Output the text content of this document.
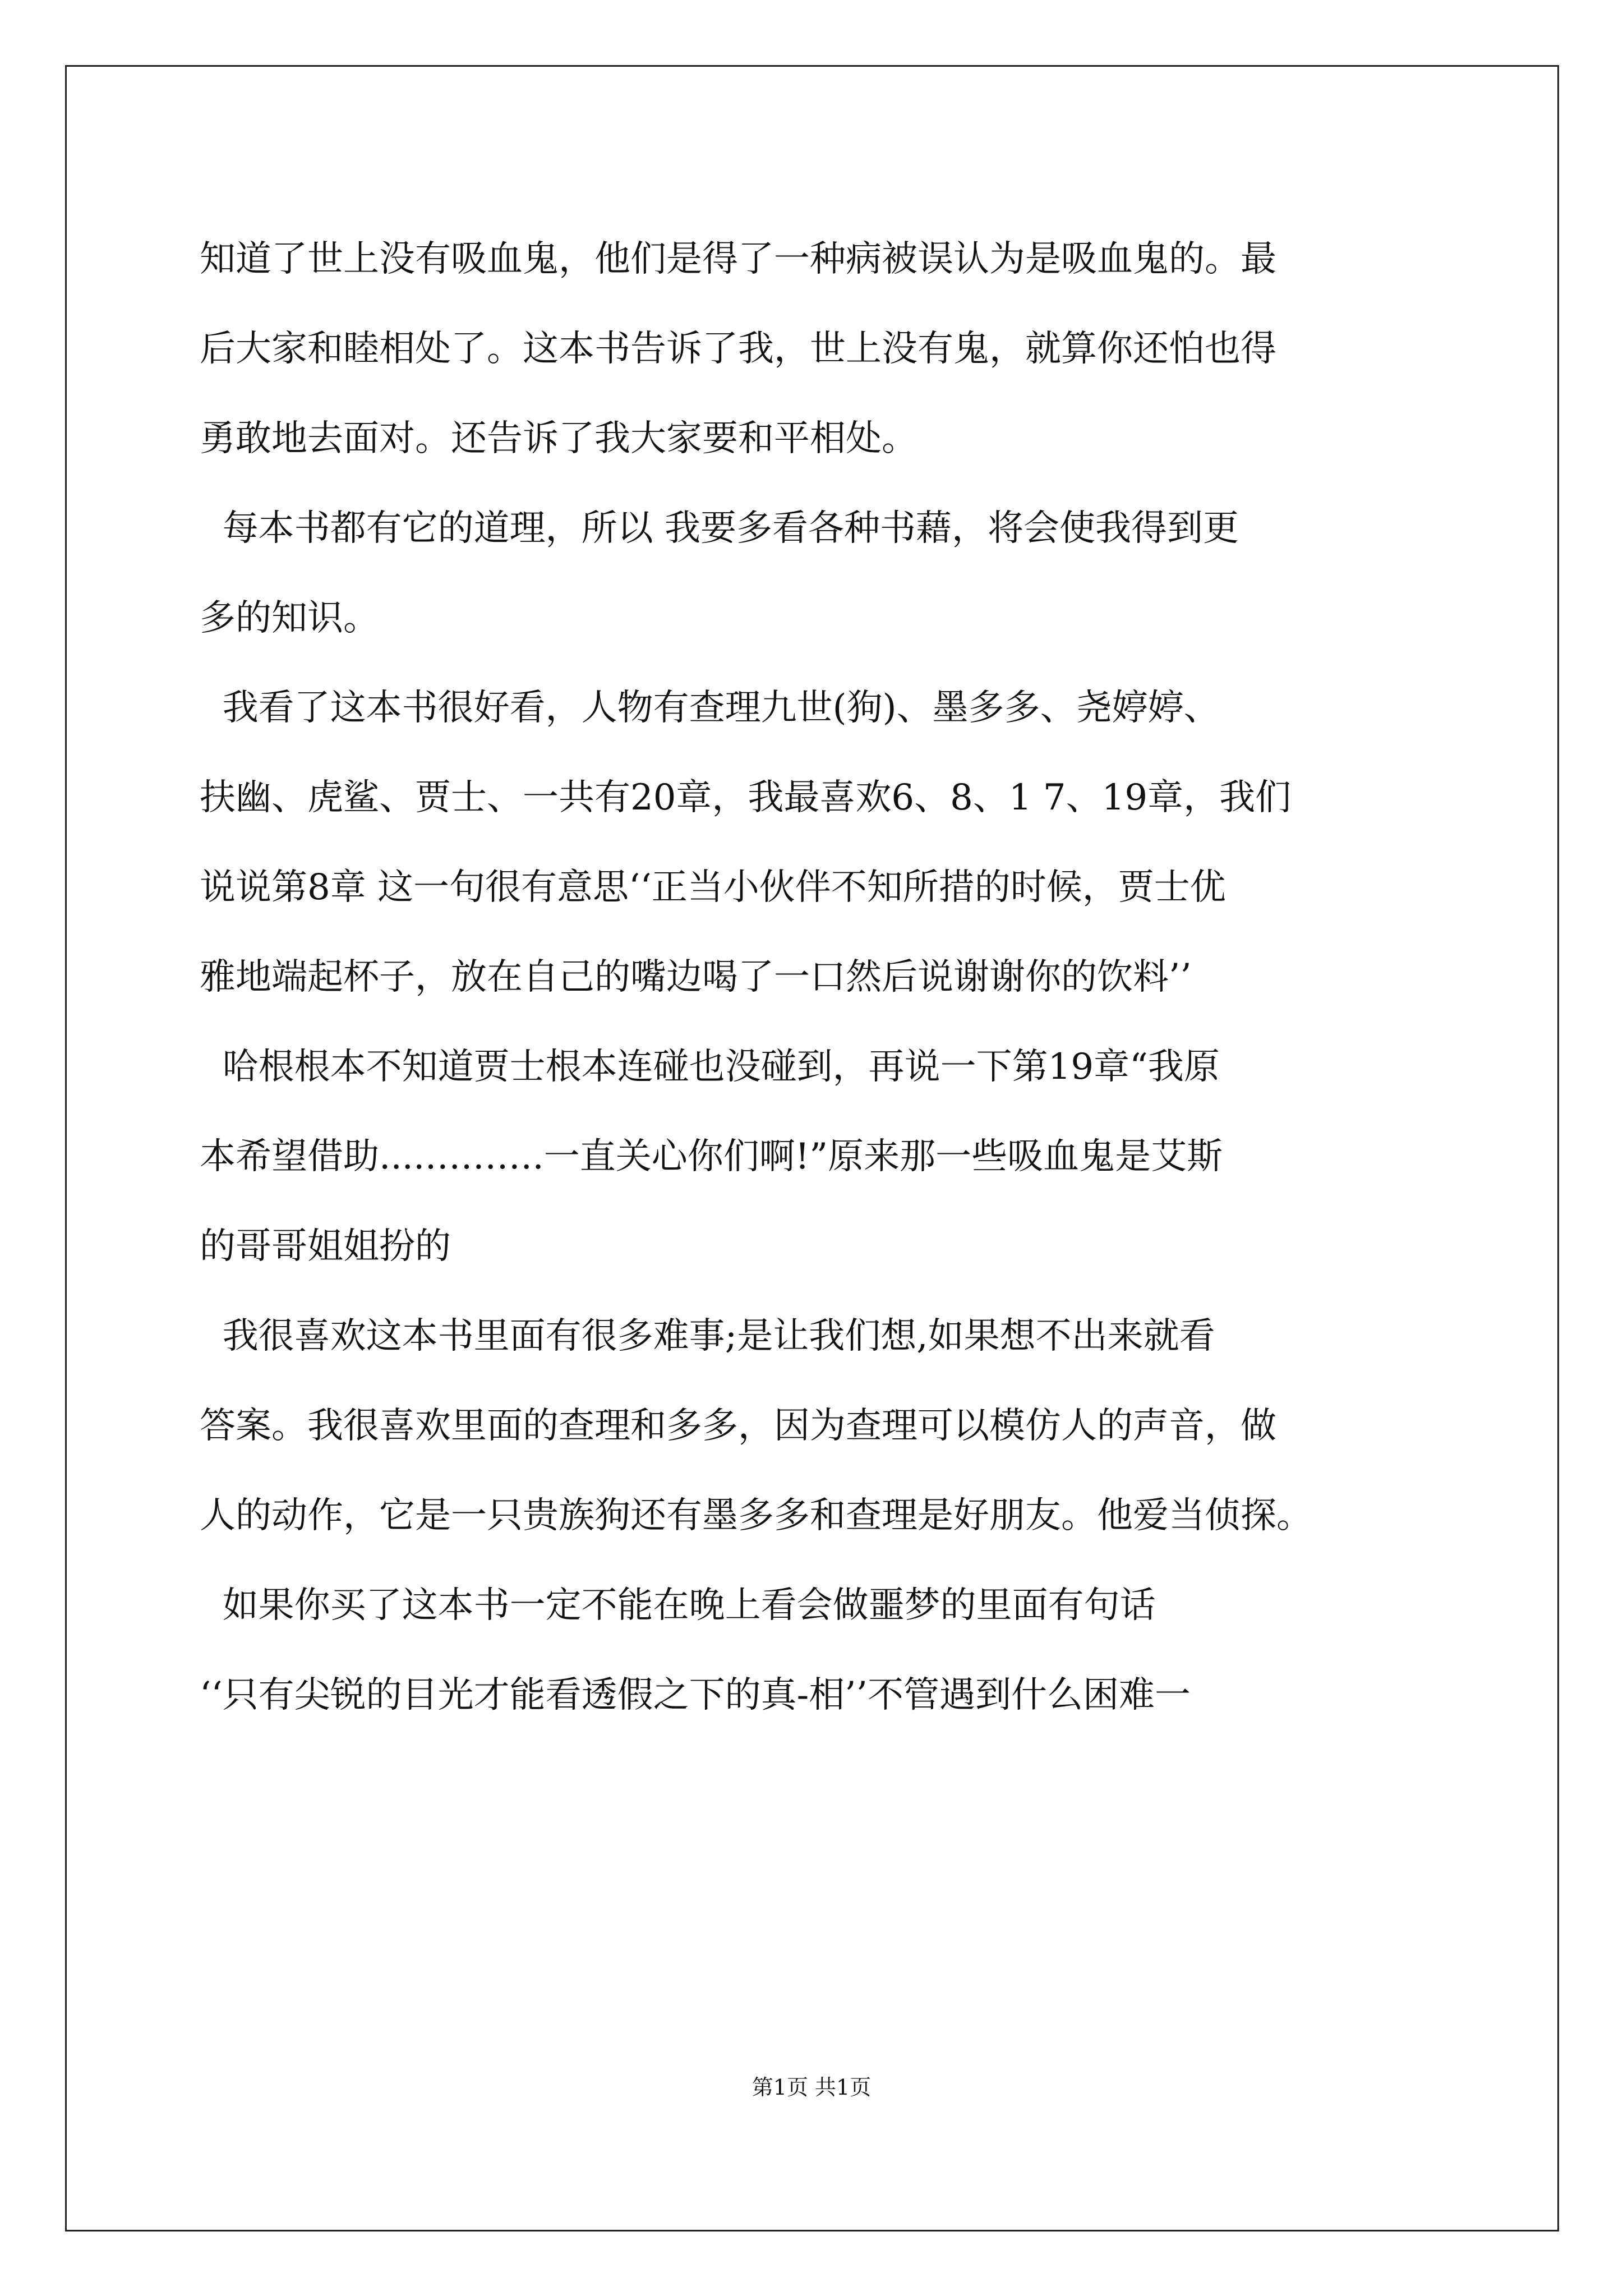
知道了世上没有吸血鬼，他们是得了一种病被误认为是吸血鬼的。最
后大家和睦相处了。这本书告诉了我，世上没有鬼，就算你还怕也得
勇敢地去面对。还告诉了我大家要和平相处。
每本书都有它的道理，所以 我要多看各种书藉，将会使我得到更
多的知识。
我看了这本书很好看，人物有查理九世(狗)、墨多多、尧婷婷、
扶幽、虎鲨、贾士、一共有20章，我最喜欢6、8、1 7、19章，我们
说说第8章 这一句很有意思‘‘正当小伙伴不知所措的时候，贾士优
雅地端起杯子，放在自己的嘴边喝了一口然后说谢谢你的饮料’’
哈根根本不知道贾士根本连碰也没碰到，再说一下第19章“我原
本希望借助....……….一直关心你们啊!”原来那一些吸血鬼是艾斯
的哥哥姐姐扮的
我很喜欢这本书里面有很多难事;是让我们想,如果想不出来就看
答案。我很喜欢里面的查理和多多，因为查理可以模仿人的声音，做
人的动作，它是一只贵族狗还有墨多多和查理是好朋友。他爱当侦探。
如果你买了这本书一定不能在晚上看会做噩梦的里面有句话
‘‘只有尖锐的目光才能看透假之下的真-相’’不管遇到什么困难一
第1页 共1页
